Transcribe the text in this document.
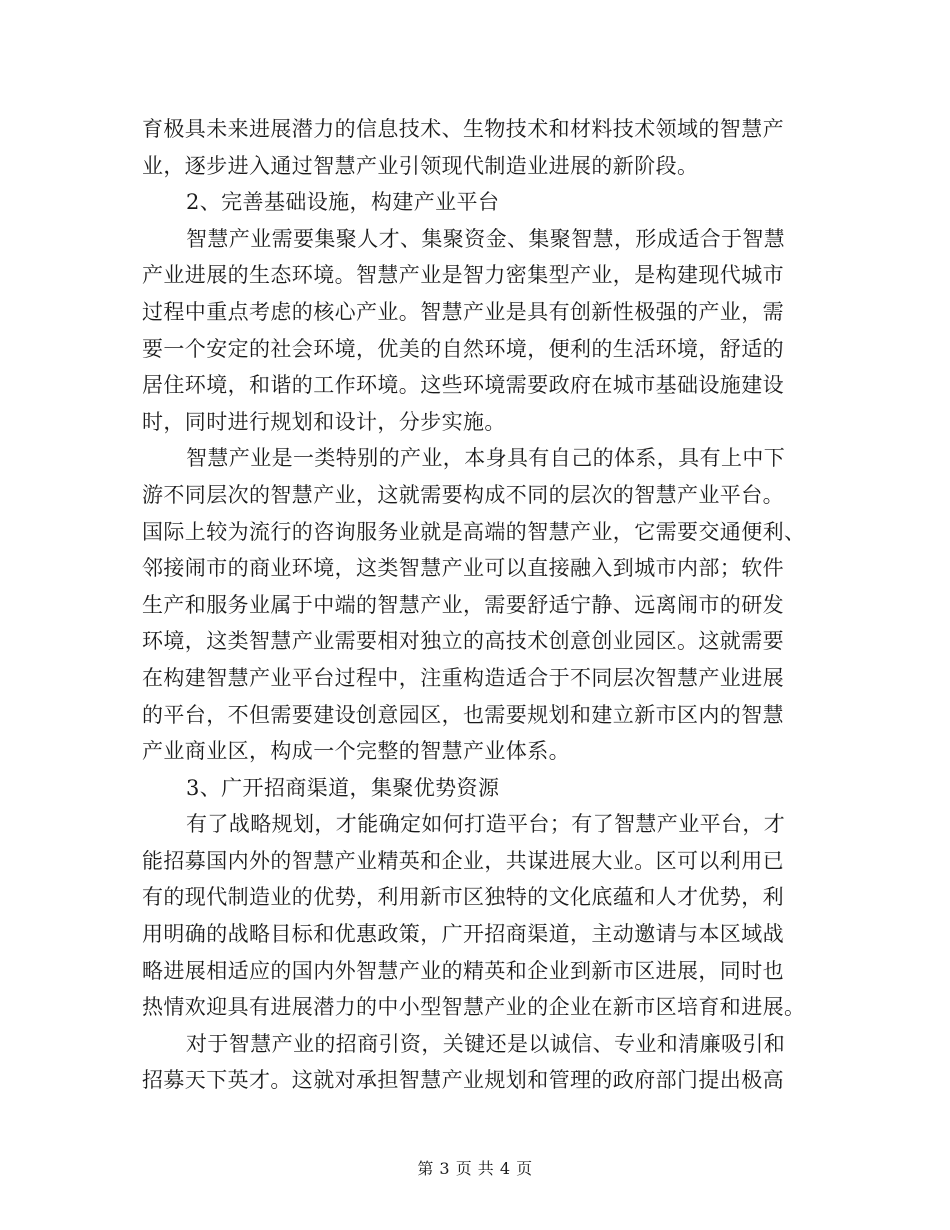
育极具未来进展潜力的信息技术、生物技术和材料技术领域的智慧产
业，逐步进入通过智慧产业引领现代制造业进展的新阶段。
2、完善基础设施，构建产业平台
智慧产业需要集聚人才、集聚资金、集聚智慧，形成适合于智慧
产业进展的生态环境。智慧产业是智力密集型产业，是构建现代城市
过程中重点考虑的核心产业。智慧产业是具有创新性极强的产业，需
要一个安定的社会环境，优美的自然环境，便利的生活环境，舒适的
居住环境，和谐的工作环境。这些环境需要政府在城市基础设施建设
时，同时进行规划和设计，分步实施。
智慧产业是一类特别的产业，本身具有自己的体系，具有上中下
游不同层次的智慧产业，这就需要构成不同的层次的智慧产业平台。
国际上较为流行的咨询服务业就是高端的智慧产业，它需要交通便利、
邻接闹市的商业环境，这类智慧产业可以直接融入到城市内部；软件
生产和服务业属于中端的智慧产业，需要舒适宁静、远离闹市的研发
环境，这类智慧产业需要相对独立的高技术创意创业园区。这就需要
在构建智慧产业平台过程中，注重构造适合于不同层次智慧产业进展
的平台，不但需要建设创意园区，也需要规划和建立新市区内的智慧
产业商业区，构成一个完整的智慧产业体系。
3、广开招商渠道，集聚优势资源
有了战略规划，才能确定如何打造平台；有了智慧产业平台，才
能招募国内外的智慧产业精英和企业，共谋进展大业。区可以利用已
有的现代制造业的优势，利用新市区独特的文化底蕴和人才优势，利
用明确的战略目标和优惠政策，广开招商渠道，主动邀请与本区域战
略进展相适应的国内外智慧产业的精英和企业到新市区进展，同时也
热情欢迎具有进展潜力的中小型智慧产业的企业在新市区培育和进展。
对于智慧产业的招商引资，关键还是以诚信、专业和清廉吸引和
招募天下英才。这就对承担智慧产业规划和管理的政府部门提出极高
第 3 页 共 4 页
